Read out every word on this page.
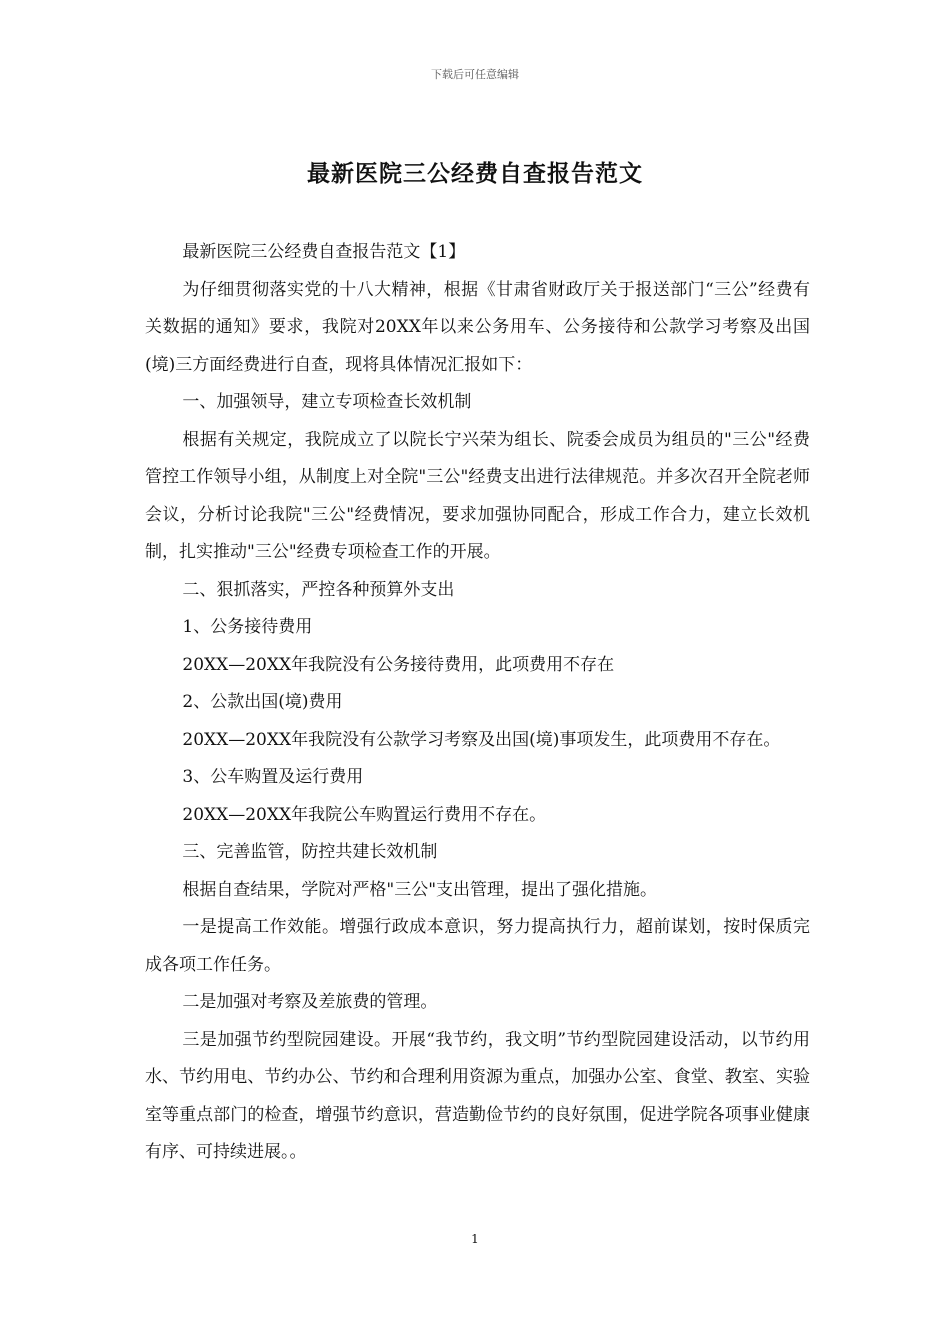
下载后可任意编辑
最新医院三公经费自查报告范文

最新医院三公经费自查报告范文【1】

为仔细贯彻落实党的十八大精神，根据《甘肃省财政厅关于报送部门“三公”经费有关数据的通知》要求，我院对20XX年以来公务用车、公务接待和公款学习考察及出国(境)三方面经费进行自查，现将具体情况汇报如下：

一、加强领导，建立专项检查长效机制

根据有关规定，我院成立了以院长宁兴荣为组长、院委会成员为组员的"三公"经费管控工作领导小组，从制度上对全院"三公"经费支出进行法律规范。并多次召开全院老师会议，分析讨论我院"三公"经费情况，要求加强协同配合，形成工作合力，建立长效机制，扎实推动"三公"经费专项检查工作的开展。

二、狠抓落实，严控各种预算外支出

1、公务接待费用

20XX—20XX年我院没有公务接待费用，此项费用不存在

2、公款出国(境)费用

20XX—20XX年我院没有公款学习考察及出国(境)事项发生，此项费用不存在。

3、公车购置及运行费用

20XX—20XX年我院公车购置运行费用不存在。

三、完善监管，防控共建长效机制

根据自查结果，学院对严格"三公"支出管理，提出了强化措施。

一是提高工作效能。增强行政成本意识，努力提高执行力，超前谋划，按时保质完成各项工作任务。

二是加强对考察及差旅费的管理。

三是加强节约型院园建设。开展“我节约，我文明”节约型院园建设活动，以节约用水、节约用电、节约办公、节约和合理利用资源为重点，加强办公室、食堂、教室、实验室等重点部门的检查，增强节约意识，营造勤俭节约的良好氛围，促进学院各项事业健康有序、可持续进展。。

1
